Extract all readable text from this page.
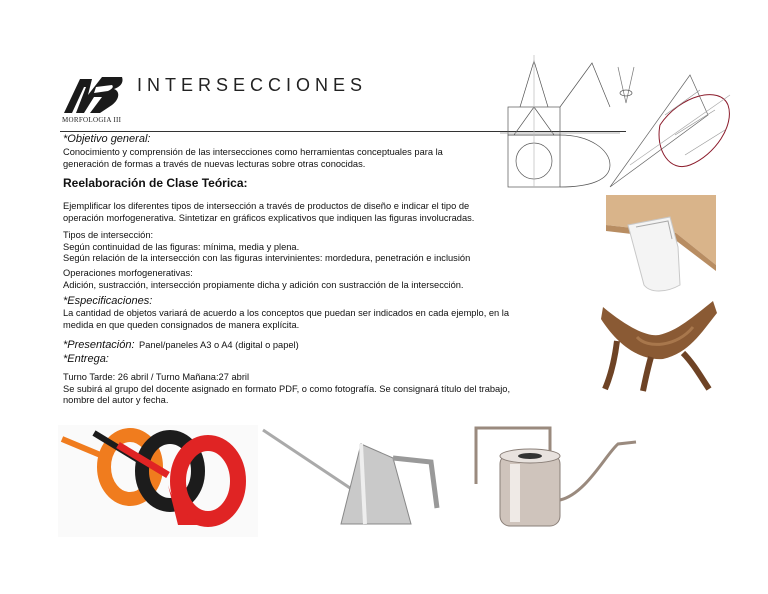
MORFOLOGIA III
INTERSECCIONES
*Objetivo general:
Conocimiento y comprensión de las intersecciones como herramientas conceptuales para la
generación de formas a través de nuevas lecturas sobre otras conocidas.
Reelaboración de Clase Teórica:
Ejemplificar los diferentes tipos de intersección a través de productos de diseño e indicar el tipo de
operación morfogenerativa. Sintetizar en gráficos explicativos que indiquen las figuras involucradas.
Tipos de intersección:
Según continuidad de las figuras: mínima, media y plena.
Según relación de la intersección con las figuras intervinientes: mordedura, penetración e inclusión
Operaciones morfogenerativas:
Adición, sustracción, intersección propiamente dicha y adición con sustracción de la intersección.
*Especificaciones:
La cantidad de objetos variará de acuerdo a los conceptos que puedan ser indicados en cada ejemplo, en la
medida en que queden consignados de manera explícita.
*Presentación: Panel/paneles A3 o A4 (digital o papel)
*Entrega:
Turno Tarde: 26 abril / Turno Mañana:27 abril
Se subirá al grupo del docente asignado en formato PDF, o como fotografía. Se consignará título del trabajo,
nombre del autor y fecha.
